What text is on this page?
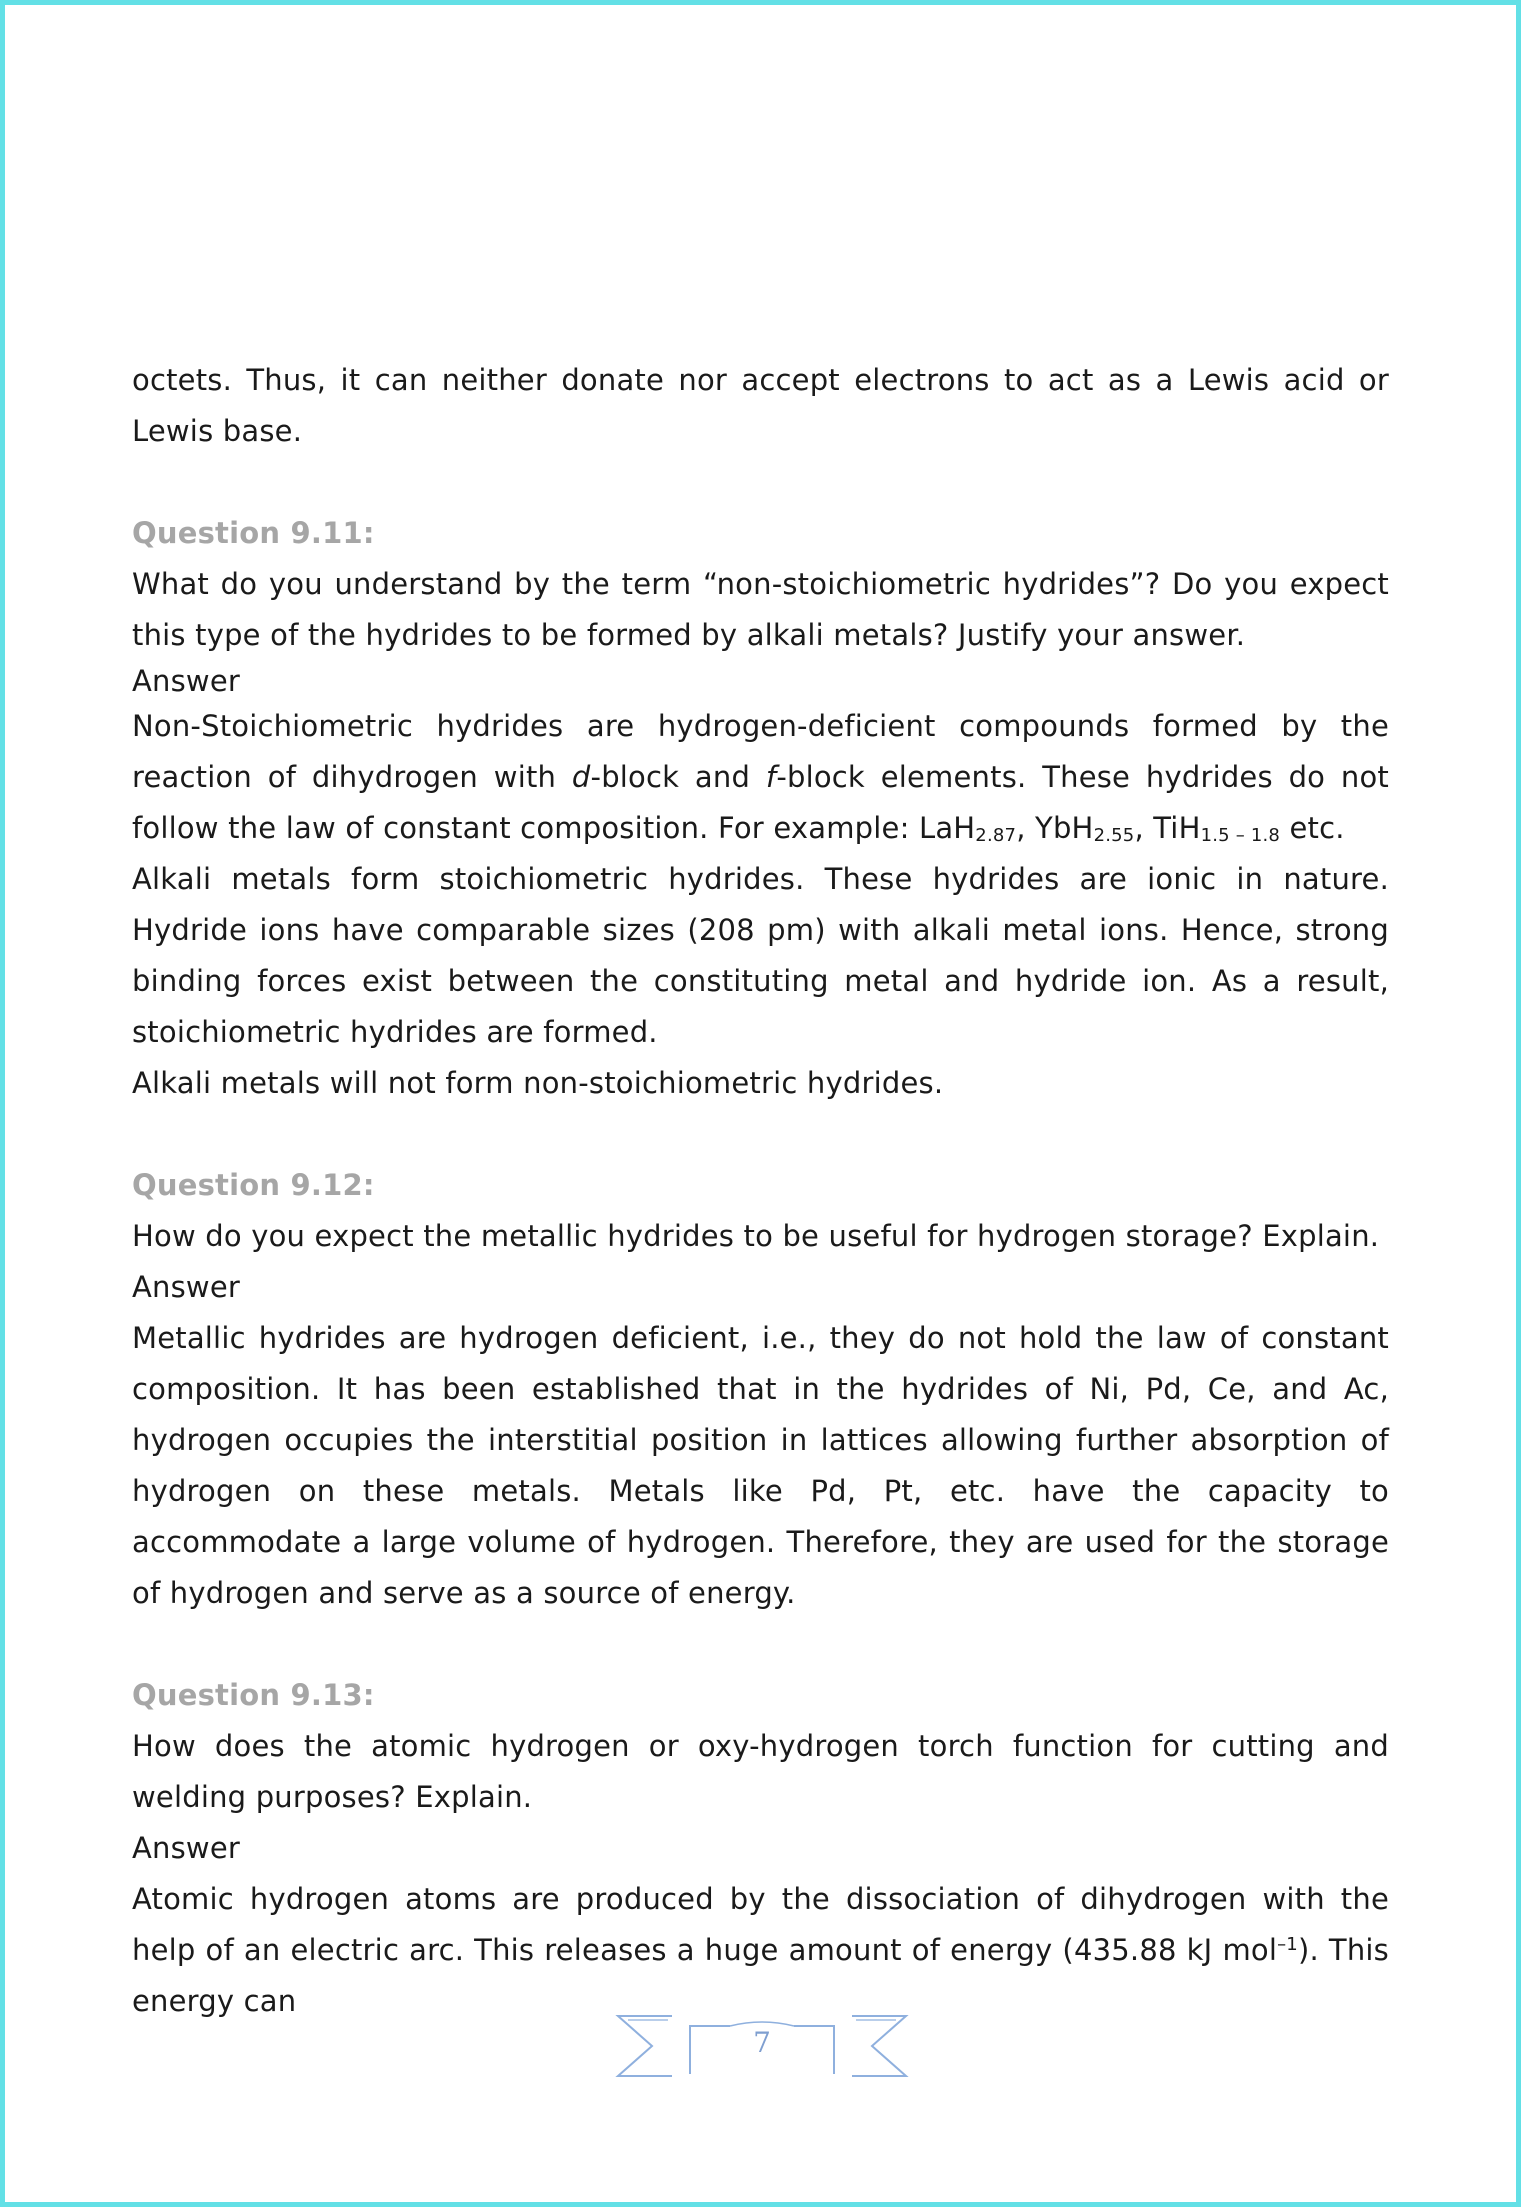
octets. Thus, it can neither donate nor accept electrons to act as a Lewis acid or Lewis base.

Question 9.11:

What do you understand by the term “non-stoichiometric hydrides”? Do you expect this type of the hydrides to be formed by alkali metals? Justify your answer.

Answer

Non-Stoichiometric hydrides are hydrogen-deficient compounds formed by the reaction of dihydrogen with d-block and f-block elements. These hydrides do not follow the law of constant composition. For example: LaH$_{2.87}$, YbH$_{2.55}$, TiH$_{1.5 - 1.8}$ etc.

Alkali metals form stoichiometric hydrides. These hydrides are ionic in nature. Hydride ions have comparable sizes (208 pm) with alkali metal ions. Hence, strong binding forces exist between the constituting metal and hydride ion. As a result, stoichiometric hydrides are formed.

Alkali metals will not form non-stoichiometric hydrides.

Question 9.12:

How do you expect the metallic hydrides to be useful for hydrogen storage? Explain.

Answer

Metallic hydrides are hydrogen deficient, i.e., they do not hold the law of constant composition. It has been established that in the hydrides of Ni, Pd, Ce, and Ac, hydrogen occupies the interstitial position in lattices allowing further absorption of hydrogen on these metals. Metals like Pd, Pt, etc. have the capacity to accommodate a large volume of hydrogen. Therefore, they are used for the storage of hydrogen and serve as a source of energy.

Question 9.13:

How does the atomic hydrogen or oxy-hydrogen torch function for cutting and welding purposes? Explain.

Answer

Atomic hydrogen atoms are produced by the dissociation of dihydrogen with the help of an electric arc. This releases a huge amount of energy (435.88 kJ mol$^{-1}$). This energy can

7
